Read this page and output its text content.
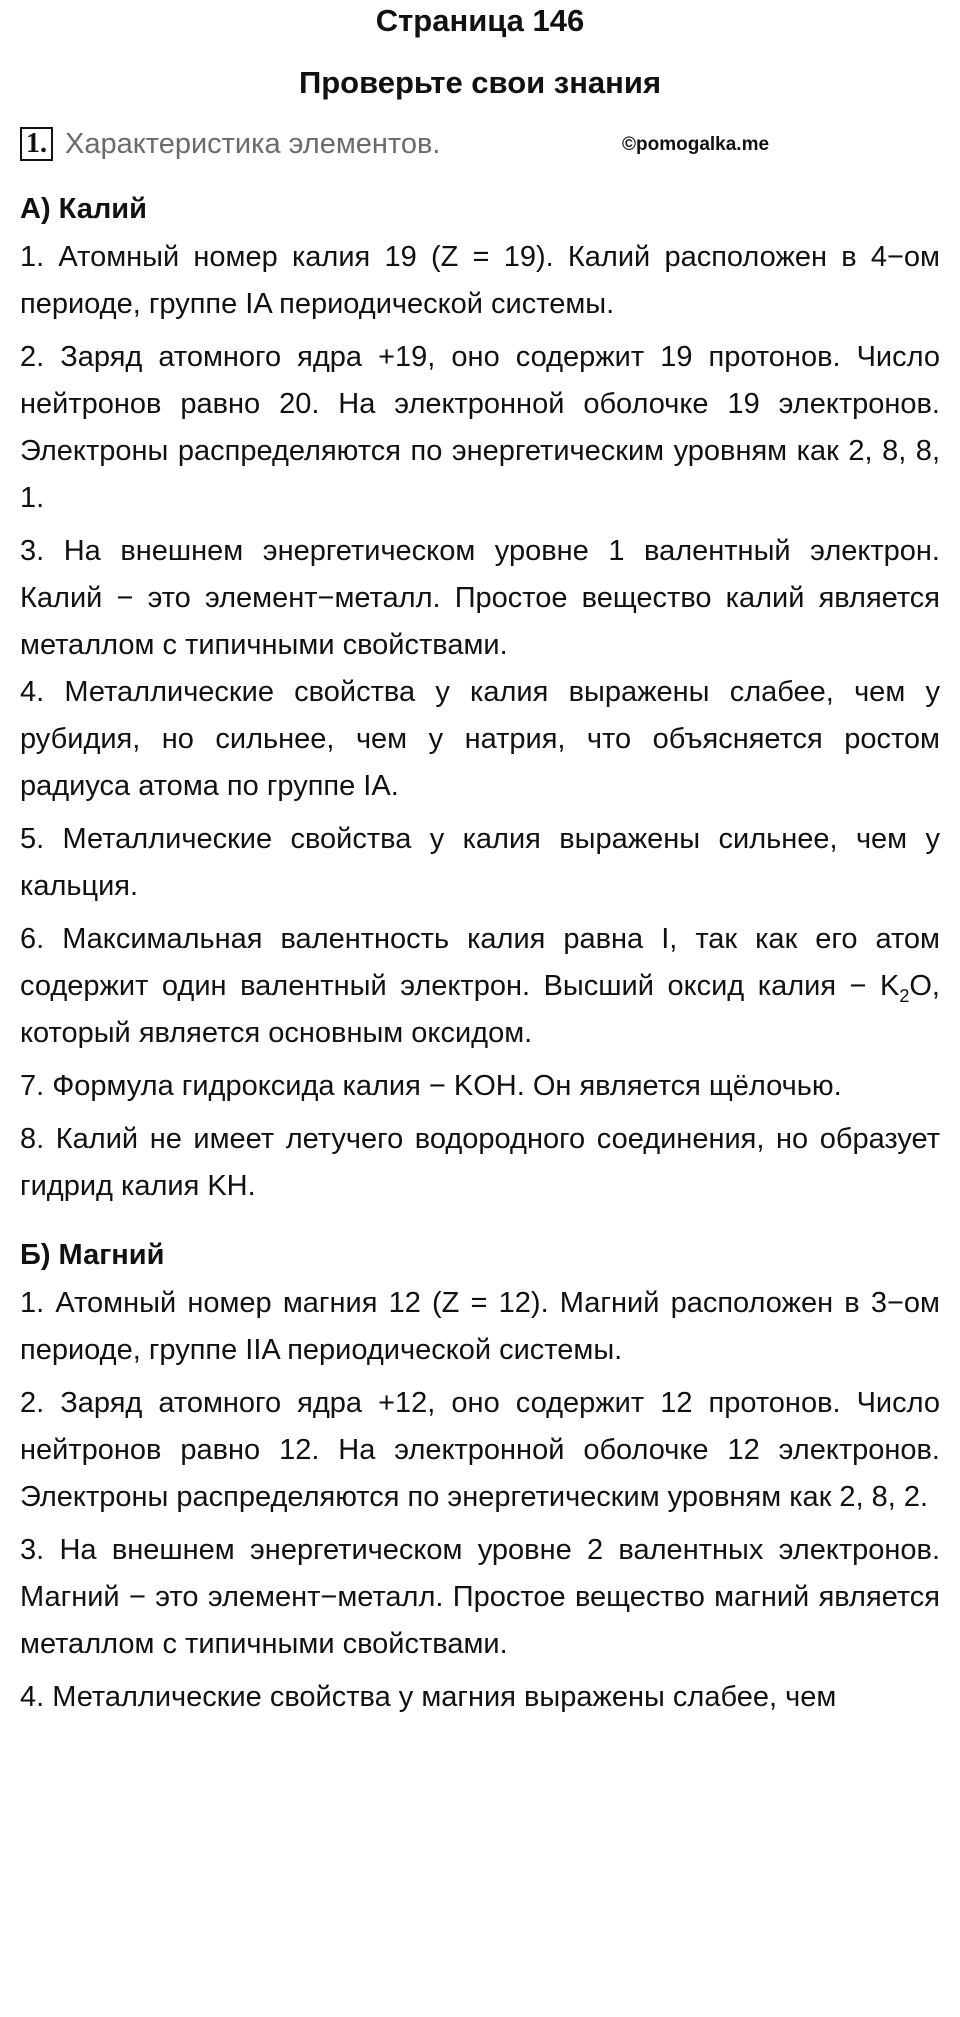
Страница 146
Проверьте свои знания
©pomogalka.me
1. Характеристика элементов.
А) Калий

1. Атомный номер калия 19 (Z = 19). Калий расположен в 4−ом периоде, группе IA периодической системы.

2. Заряд атомного ядра +19, оно содержит 19 протонов. Число нейтронов равно 20. На электронной оболочке 19 электронов. Электроны распределяются по энергетическим уровням как 2, 8, 8, 1.

3. На внешнем энергетическом уровне 1 валентный электрон. Калий − это элемент−металл. Простое вещество калий является металлом с типичными свойствами.

4. Металлические свойства у калия выражены слабее, чем у рубидия, но сильнее, чем у натрия, что объясняется ростом радиуса атома по группе IA.

5. Металлические свойства у калия выражены сильнее, чем у кальция.

6. Максимальная валентность калия равна I, так как его атом содержит один валентный электрон. Высший оксид калия − $K_2O$, который является основным оксидом.

7. Формула гидроксида калия − KOH. Он является щёлочью.

8. Калий не имеет летучего водородного соединения, но образует гидрид калия KH.

Б) Магний

1. Атомный номер магния 12 (Z = 12). Магний расположен в 3−ом периоде, группе IIA периодической системы.

2. Заряд атомного ядра +12, оно содержит 12 протонов. Число нейтронов равно 12. На электронной оболочке 12 электронов. Электроны распределяются по энергетическим уровням как 2, 8, 2.

3. На внешнем энергетическом уровне 2 валентных электронов. Магний − это элемент−металл. Простое вещество магний является металлом с типичными свойствами.

4. Металлические свойства у магния выражены слабее, чем
